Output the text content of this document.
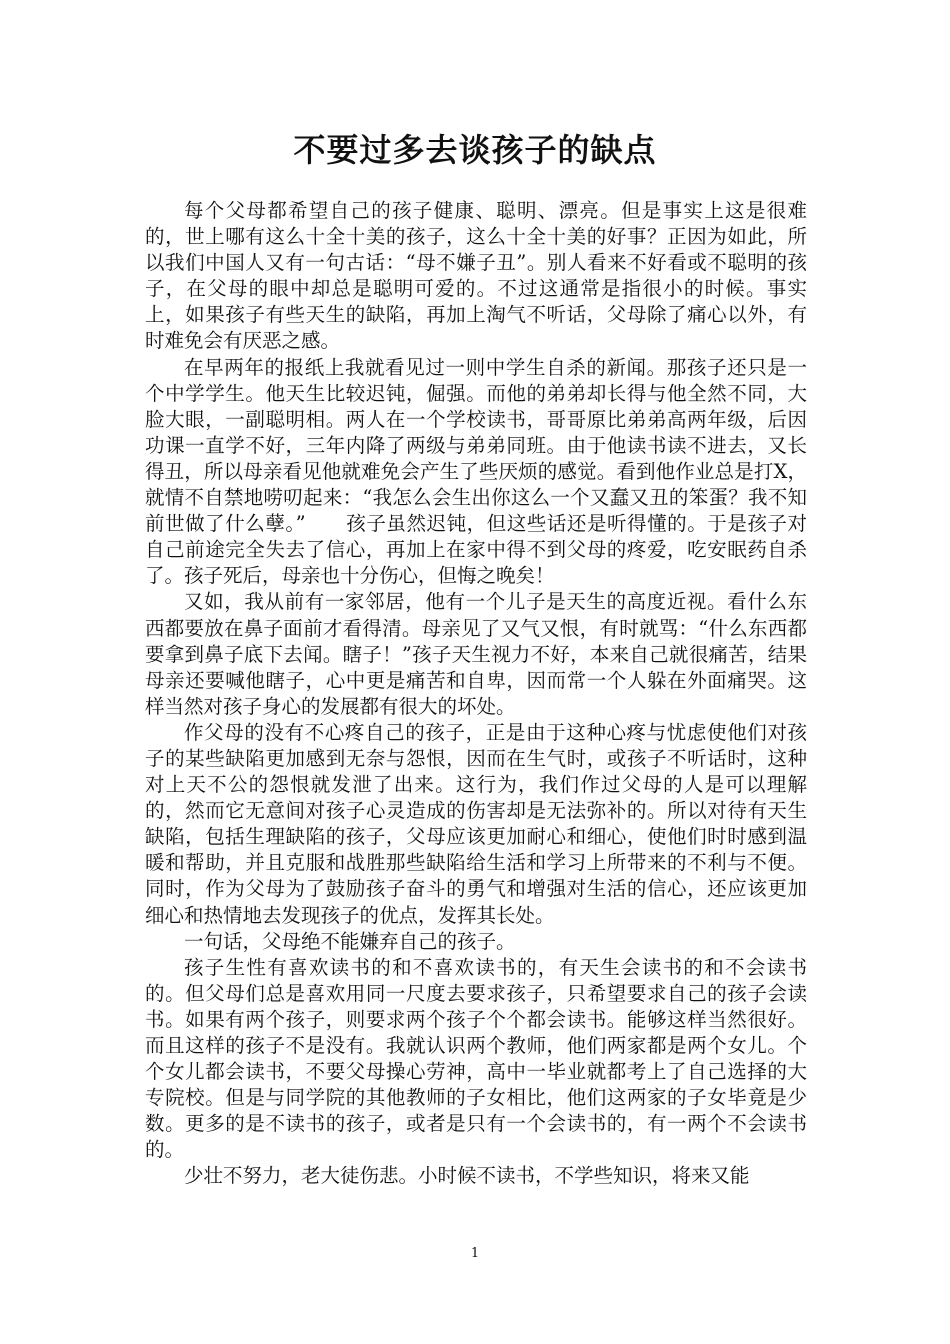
不要过多去谈孩子的缺点

每个父母都希望自己的孩子健康、聪明、漂亮。但是事实上这是很难的，世上哪有这么十全十美的孩子，这么十全十美的好事？正因为如此，所以我们中国人又有一句古话：“母不嫌子丑”。别人看来不好看或不聪明的孩子，在父母的眼中却总是聪明可爱的。不过这通常是指很小的时候。事实上，如果孩子有些天生的缺陷，再加上淘气不听话，父母除了痛心以外，有时难免会有厌恶之感。

在早两年的报纸上我就看见过一则中学生自杀的新闻。那孩子还只是一个中学学生。他天生比较迟钝，倔强。而他的弟弟却长得与他全然不同，大脸大眼，一副聪明相。两人在一个学校读书，哥哥原比弟弟高两年级，后因功课一直学不好，三年内降了两级与弟弟同班。由于他读书读不进去，又长得丑，所以母亲看见他就难免会产生了些厌烦的感觉。看到他作业总是打X，就情不自禁地唠叨起来：“我怎么会生出你这么一个又蠢又丑的笨蛋？我不知前世做了什么孽。”　　孩子虽然迟钝，但这些话还是听得懂的。于是孩子对自己前途完全失去了信心，再加上在家中得不到父母的疼爱，吃安眠药自杀了。孩子死后，母亲也十分伤心，但悔之晚矣！

又如，我从前有一家邻居，他有一个儿子是天生的高度近视。看什么东西都要放在鼻子面前才看得清。母亲见了又气又恨，有时就骂：“什么东西都要拿到鼻子底下去闻。瞎子！”孩子天生视力不好，本来自己就很痛苦，结果母亲还要喊他瞎子，心中更是痛苦和自卑，因而常一个人躲在外面痛哭。这样当然对孩子身心的发展都有很大的坏处。

作父母的没有不心疼自己的孩子，正是由于这种心疼与忧虑使他们对孩子的某些缺陷更加感到无奈与怨恨，因而在生气时，或孩子不听话时，这种对上天不公的怨恨就发泄了出来。这行为，我们作过父母的人是可以理解的，然而它无意间对孩子心灵造成的伤害却是无法弥补的。所以对待有天生缺陷，包括生理缺陷的孩子，父母应该更加耐心和细心，使他们时时感到温暖和帮助，并且克服和战胜那些缺陷给生活和学习上所带来的不利与不便。同时，作为父母为了鼓励孩子奋斗的勇气和增强对生活的信心，还应该更加细心和热情地去发现孩子的优点，发挥其长处。

一句话，父母绝不能嫌弃自己的孩子。

孩子生性有喜欢读书的和不喜欢读书的，有天生会读书的和不会读书的。但父母们总是喜欢用同一尺度去要求孩子，只希望要求自己的孩子会读书。如果有两个孩子，则要求两个孩子个个都会读书。能够这样当然很好。而且这样的孩子不是没有。我就认识两个教师，他们两家都是两个女儿。个个女儿都会读书，不要父母操心劳神，高中一毕业就都考上了自己选择的大专院校。但是与同学院的其他教师的子女相比，他们这两家的子女毕竟是少数。更多的是不读书的孩子，或者是只有一个会读书的，有一两个不会读书的。

少壮不努力，老大徒伤悲。小时候不读书，不学些知识，将来又能

1
